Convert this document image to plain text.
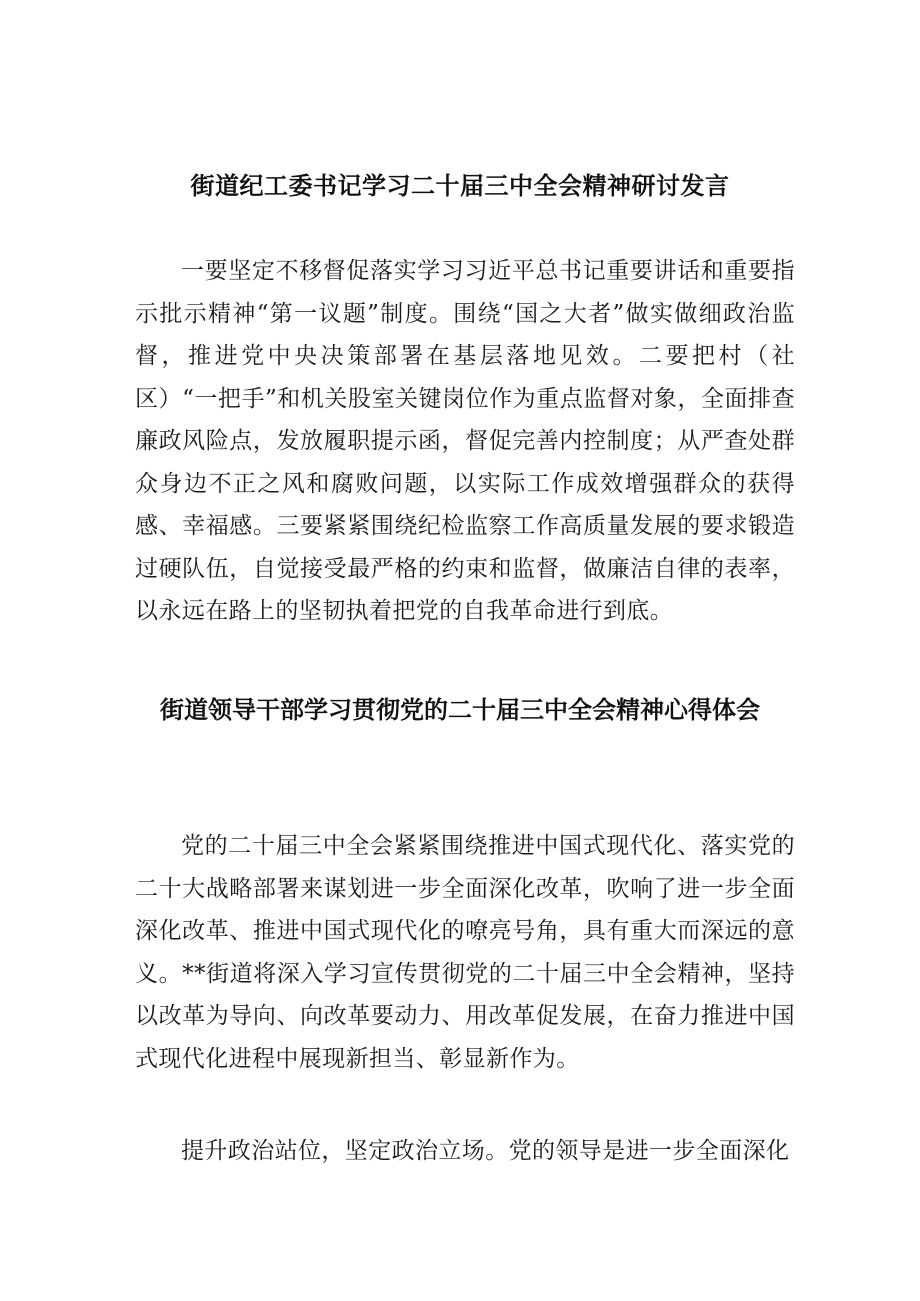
街道纪工委书记学习二十届三中全会精神研讨发言

一要坚定不移督促落实学习习近平总书记重要讲话和重要指示批示精神“第一议题”制度。围绕“国之大者”做实做细政治监督，推进党中央决策部署在基层落地见效。二要把村（社区）“一把手”和机关股室关键岗位作为重点监督对象，全面排查廉政风险点，发放履职提示函，督促完善内控制度；从严查处群众身边不正之风和腐败问题，以实际工作成效增强群众的获得感、幸福感。三要紧紧围绕纪检监察工作高质量发展的要求锻造过硬队伍，自觉接受最严格的约束和监督，做廉洁自律的表率，以永远在路上的坚韧执着把党的自我革命进行到底。

街道领导干部学习贯彻党的二十届三中全会精神心得体会

党的二十届三中全会紧紧围绕推进中国式现代化、落实党的二十大战略部署来谋划进一步全面深化改革，吹响了进一步全面深化改革、推进中国式现代化的嘹亮号角，具有重大而深远的意义。**街道将深入学习宣传贯彻党的二十届三中全会精神，坚持以改革为导向、向改革要动力、用改革促发展，在奋力推进中国式现代化进程中展现新担当、彰显新作为。

提升政治站位，坚定政治立场。党的领导是进一步全面深化
